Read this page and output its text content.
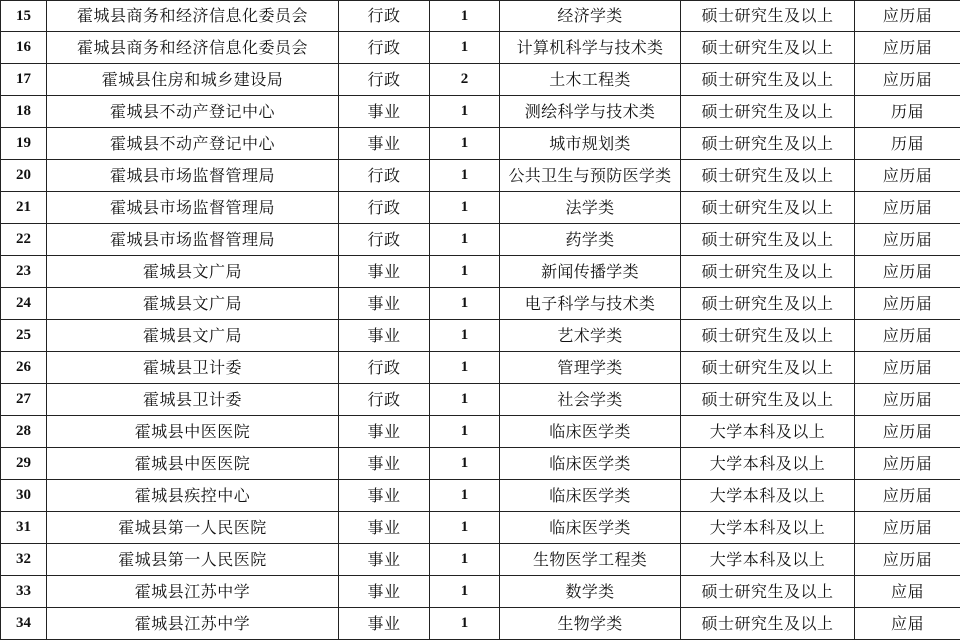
15	霍城县商务和经济信息化委员会	行政	1	经济学类	硕士研究生及以上	应历届
16	霍城县商务和经济信息化委员会	行政	1	计算机科学与技术类	硕士研究生及以上	应历届
17	霍城县住房和城乡建设局	行政	2	土木工程类	硕士研究生及以上	应历届
18	霍城县不动产登记中心	事业	1	测绘科学与技术类	硕士研究生及以上	历届
19	霍城县不动产登记中心	事业	1	城市规划类	硕士研究生及以上	历届
20	霍城县市场监督管理局	行政	1	公共卫生与预防医学类	硕士研究生及以上	应历届
21	霍城县市场监督管理局	行政	1	法学类	硕士研究生及以上	应历届
22	霍城县市场监督管理局	行政	1	药学类	硕士研究生及以上	应历届
23	霍城县文广局	事业	1	新闻传播学类	硕士研究生及以上	应历届
24	霍城县文广局	事业	1	电子科学与技术类	硕士研究生及以上	应历届
25	霍城县文广局	事业	1	艺术学类	硕士研究生及以上	应历届
26	霍城县卫计委	行政	1	管理学类	硕士研究生及以上	应历届
27	霍城县卫计委	行政	1	社会学类	硕士研究生及以上	应历届
28	霍城县中医医院	事业	1	临床医学类	大学本科及以上	应历届
29	霍城县中医医院	事业	1	临床医学类	大学本科及以上	应历届
30	霍城县疾控中心	事业	1	临床医学类	大学本科及以上	应历届
31	霍城县第一人民医院	事业	1	临床医学类	大学本科及以上	应历届
32	霍城县第一人民医院	事业	1	生物医学工程类	大学本科及以上	应历届
33	霍城县江苏中学	事业	1	数学类	硕士研究生及以上	应届
34	霍城县江苏中学	事业	1	生物学类	硕士研究生及以上	应届
